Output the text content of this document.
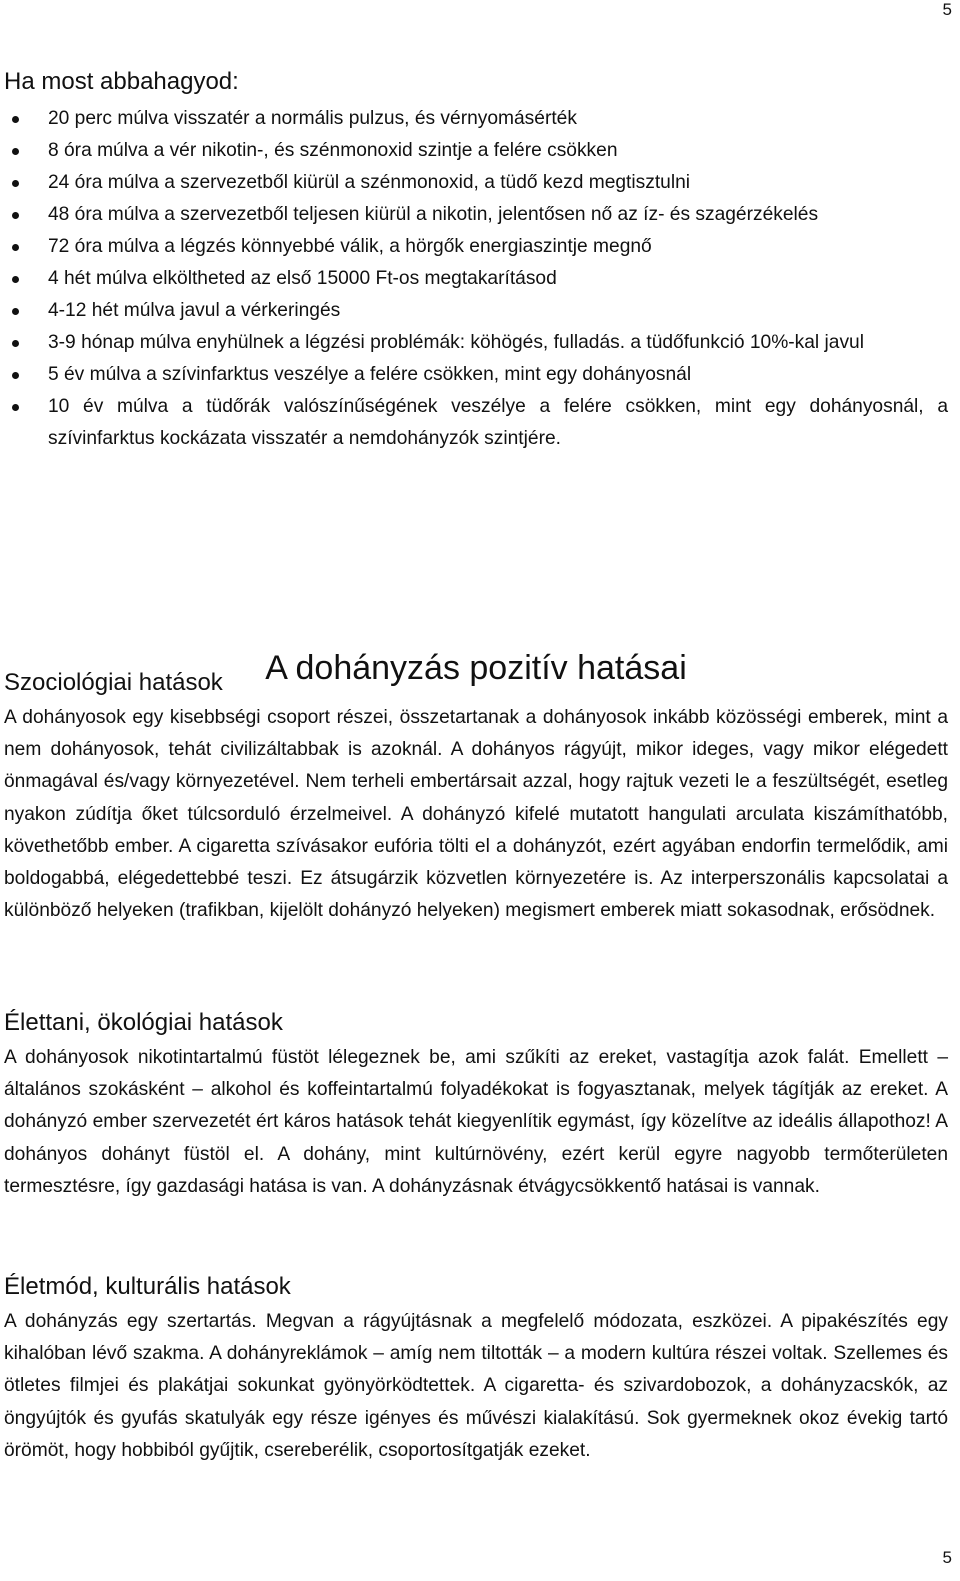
5
Ha most abbahagyod:
20 perc múlva visszatér a normális pulzus, és vérnyomásérték
8 óra múlva a vér nikotin-, és szénmonoxid szintje a felére csökken
24 óra múlva a szervezetből kiürül a szénmonoxid, a tüdő kezd megtisztulni
48 óra múlva a szervezetből teljesen kiürül a nikotin, jelentősen nő az íz- és szagérzékelés
72 óra múlva a légzés könnyebbé válik, a hörgők energiaszintje megnő
4 hét múlva elköltheted az első 15000 Ft-os megtakarításod
4-12 hét múlva javul a vérkeringés
3-9 hónap múlva enyhülnek a légzési problémák: köhögés, fulladás. a tüdőfunkció 10%-kal javul
5 év múlva a szívinfarktus veszélye a felére csökken, mint egy dohányosnál
10 év múlva a tüdőrák valószínűségének veszélye a felére csökken, mint egy dohányosnál, a szívinfarktus kockázata visszatér a nemdohányzók szintjére.
A dohányzás pozitív hatásai
Szociológiai hatások

A dohányosok egy kisebbségi csoport részei, összetartanak a dohányosok inkább közösségi emberek, mint a nem dohányosok, tehát civilizáltabbak is azoknál. A dohányos rágyújt, mikor ideges, vagy mikor elégedett önmagával és/vagy környezetével. Nem terheli embertársait azzal, hogy rajtuk vezeti le a feszültségét, esetleg nyakon zúdítja őket túlcsorduló érzelmeivel. A dohányzó kifelé mutatott hangulati arculata kiszámíthatóbb, követhetőbb ember. A cigaretta szívásakor eufória tölti el a dohányzót, ezért agyában endorfin termelődik, ami boldogabbá, elégedettebbé teszi. Ez átsugárzik közvetlen környezetére is. Az interperszonális kapcsolatai a különböző helyeken (trafikban, kijelölt dohányzó helyeken) megismert emberek miatt sokasodnak, erősödnek.

Élettani, ökológiai hatások

A dohányosok nikotintartalmú füstöt lélegeznek be, ami szűkíti az ereket, vastagítja azok falát. Emellett – általános szokásként – alkohol és koffeintartalmú folyadékokat is fogyasztanak, melyek tágítják az ereket. A dohányzó ember szervezetét ért káros hatások tehát kiegyenlítik egymást, így közelítve az ideális állapothoz! A dohányos dohányt füstöl el. A dohány, mint kultúrnövény, ezért kerül egyre nagyobb termőterületen termesztésre, így gazdasági hatása is van. A dohányzásnak étvágycsökkentő hatásai is vannak.

Életmód, kulturális hatások

A dohányzás egy szertartás. Megvan a rágyújtásnak a megfelelő módozata, eszközei. A pipakészítés egy kihalóban lévő szakma. A dohányreklámok – amíg nem tiltották – a modern kultúra részei voltak. Szellemes és ötletes filmjei és plakátjai sokunkat gyönyörködtettek. A cigaretta- és szivardobozok, a dohányzacskók, az öngyújtók és gyufás skatulyák egy része igényes és művészi kialakítású. Sok gyermeknek okoz évekig tartó örömöt, hogy hobbiból gyűjtik, csereberélik, csoportosítgatják ezeket.

5
